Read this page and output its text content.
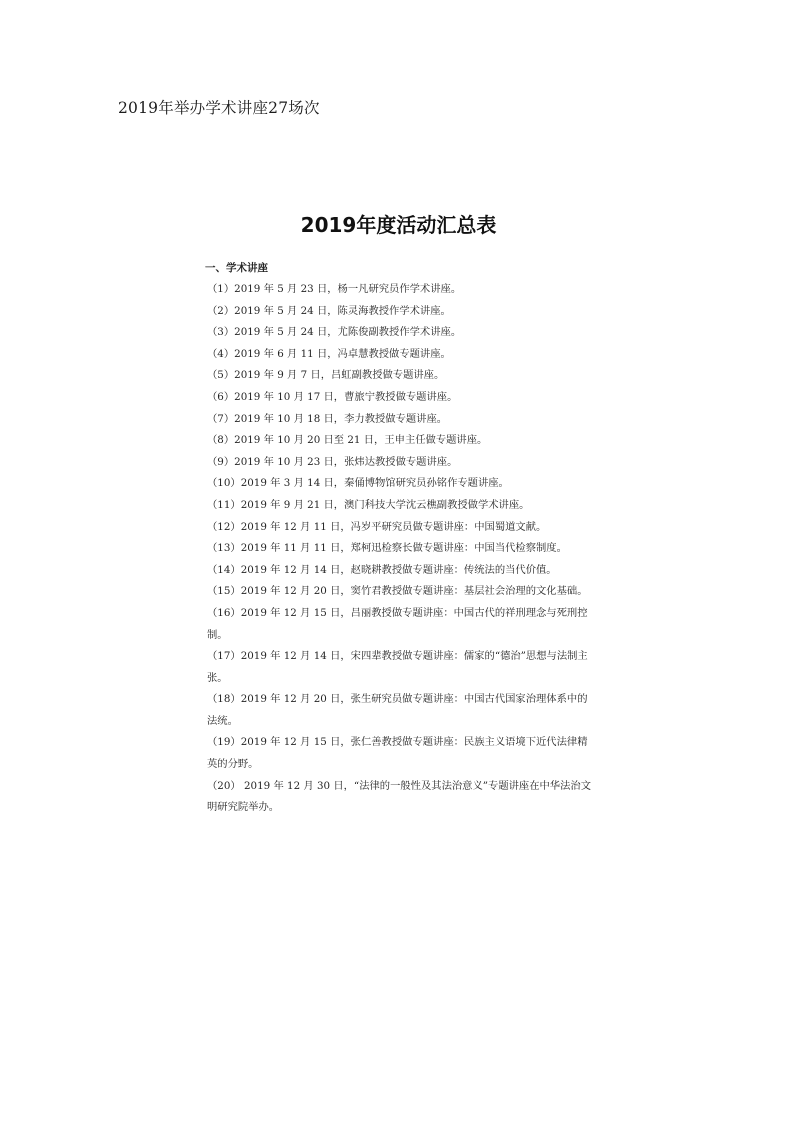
2019年举办学术讲座27场次
2019年度活动汇总表
一、学术讲座
（1）2019 年 5 月 23 日，杨一凡研究员作学术讲座。
（2）2019 年 5 月 24 日，陈灵海教授作学术讲座。
（3）2019 年 5 月 24 日，尤陈俊副教授作学术讲座。
（4）2019 年 6 月 11 日，冯卓慧教授做专题讲座。
（5）2019 年 9 月 7 日，吕虹副教授做专题讲座。
（6）2019 年 10 月 17 日，曹旅宁教授做专题讲座。
（7）2019 年 10 月 18 日，李力教授做专题讲座。
（8）2019 年 10 月 20 日至 21 日，王申主任做专题讲座。
（9）2019 年 10 月 23 日，张炜达教授做专题讲座。
（10）2019 年 3 月 14 日，秦俑博物馆研究员孙铭作专题讲座。
（11）2019 年 9 月 21 日，澳门科技大学沈云樵副教授做学术讲座。
（12）2019 年 12 月 11 日，冯岁平研究员做专题讲座：中国蜀道文献。
（13）2019 年 11 月 11 日，郑柯迅检察长做专题讲座：中国当代检察制度。
（14）2019 年 12 月 14 日，赵晓耕教授做专题讲座：传统法的当代价值。
（15）2019 年 12 月 20 日，窦竹君教授做专题讲座：基层社会治理的文化基础。
（16）2019 年 12 月 15 日，吕丽教授做专题讲座：中国古代的祥刑理念与死刑控制。
（17）2019 年 12 月 14 日，宋四辈教授做专题讲座：儒家的“德治”思想与法制主张。
（18）2019 年 12 月 20 日，张生研究员做专题讲座：中国古代国家治理体系中的法统。
（19）2019 年 12 月 15 日，张仁善教授做专题讲座：民族主义语境下近代法律精英的分野。
（20） 2019 年 12 月 30 日，“法律的一般性及其法治意义”专题讲座在中华法治文明研究院举办。
